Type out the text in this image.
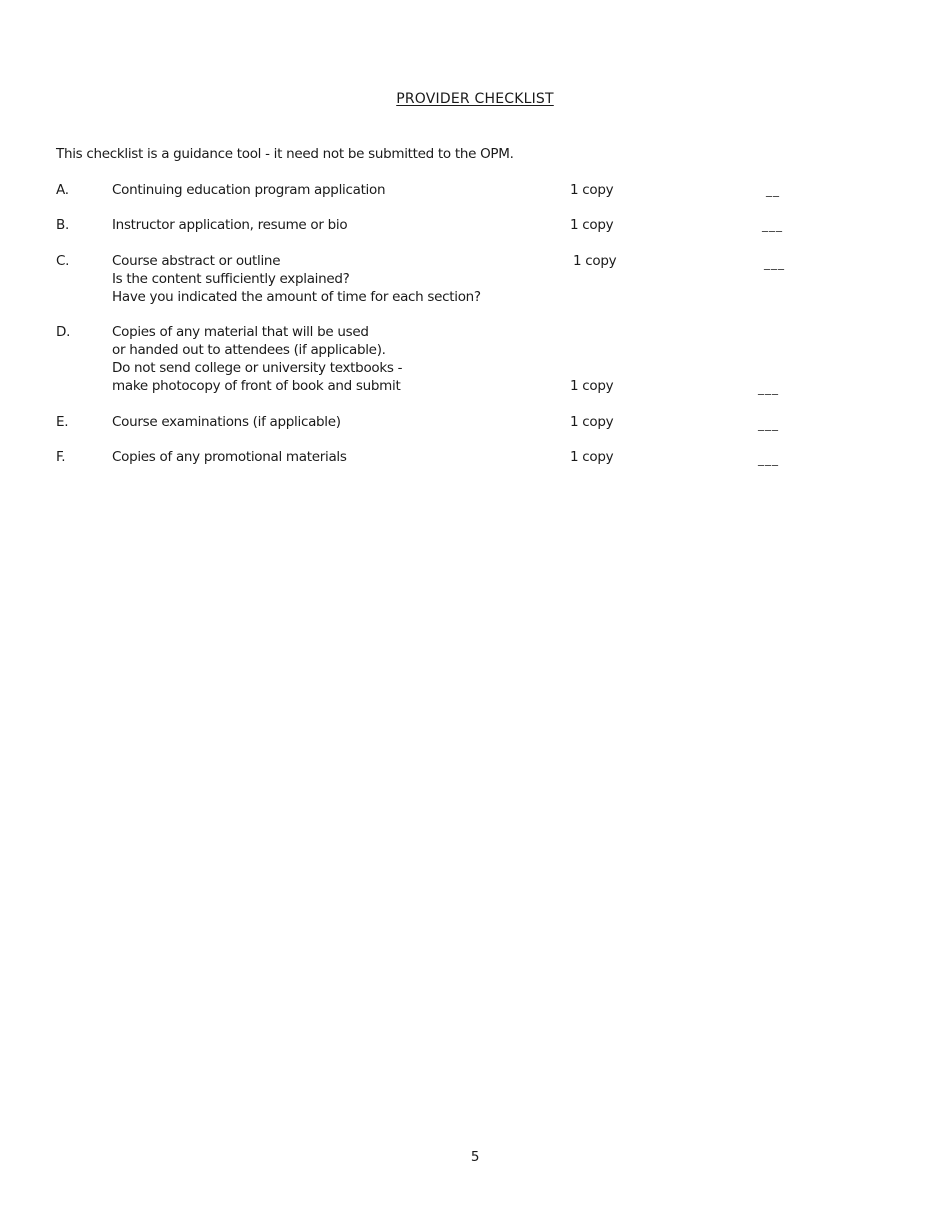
PROVIDER CHECKLIST
This checklist is a guidance tool - it need not be submitted to the OPM.
A.	Continuing education program application	1 copy	__
B.	Instructor application, resume or bio	1 copy	___
C.	Course abstract or outline
Is the content sufficiently explained?
Have you indicated the amount of time for each section?
1 copy	___
D.	Copies of any material that will be used
or handed out to attendees (if applicable).
Do not send college or university textbooks -
make photocopy of front of book and submit	1 copy	___
E.	Course examinations (if applicable)	1 copy	___
F.	Copies of any promotional materials	1 copy	___
5
